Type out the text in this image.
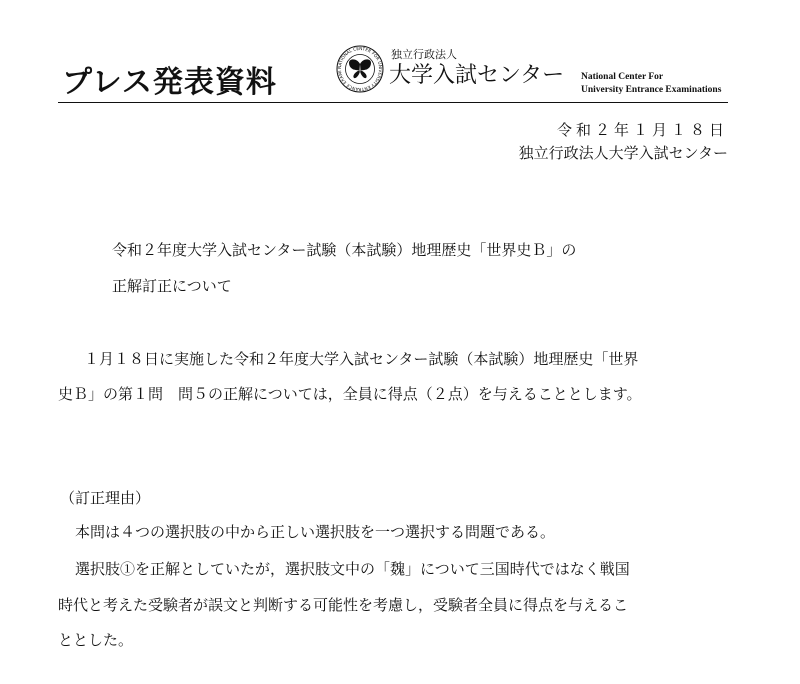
プレス発表資料	NATIONAL CENTER FOR UNIVERSITY ENTRANCE EXAMI
独立行政法人
大学入試センター National Center For
University Entrance Examinations
令和２年１月１８日
独立行政法人大学入試センター
令和２年度大学入試センター試験（本試験）地理歴史「世界史Ｂ」の
正解訂正について
１月１８日に実施した令和２年度大学入試センター試験（本試験）地理歴史「世界
史Ｂ」の第１問　問５の正解については，全員に得点（２点）を与えることとします。
（訂正理由）
本問は４つの選択肢の中から正しい選択肢を一つ選択する問題である。
選択肢①を正解としていたが，選択肢文中の「魏」について三国時代ではなく戦国
時代と考えた受験者が誤文と判断する可能性を考慮し，受験者全員に得点を与えるこ
ととした。
